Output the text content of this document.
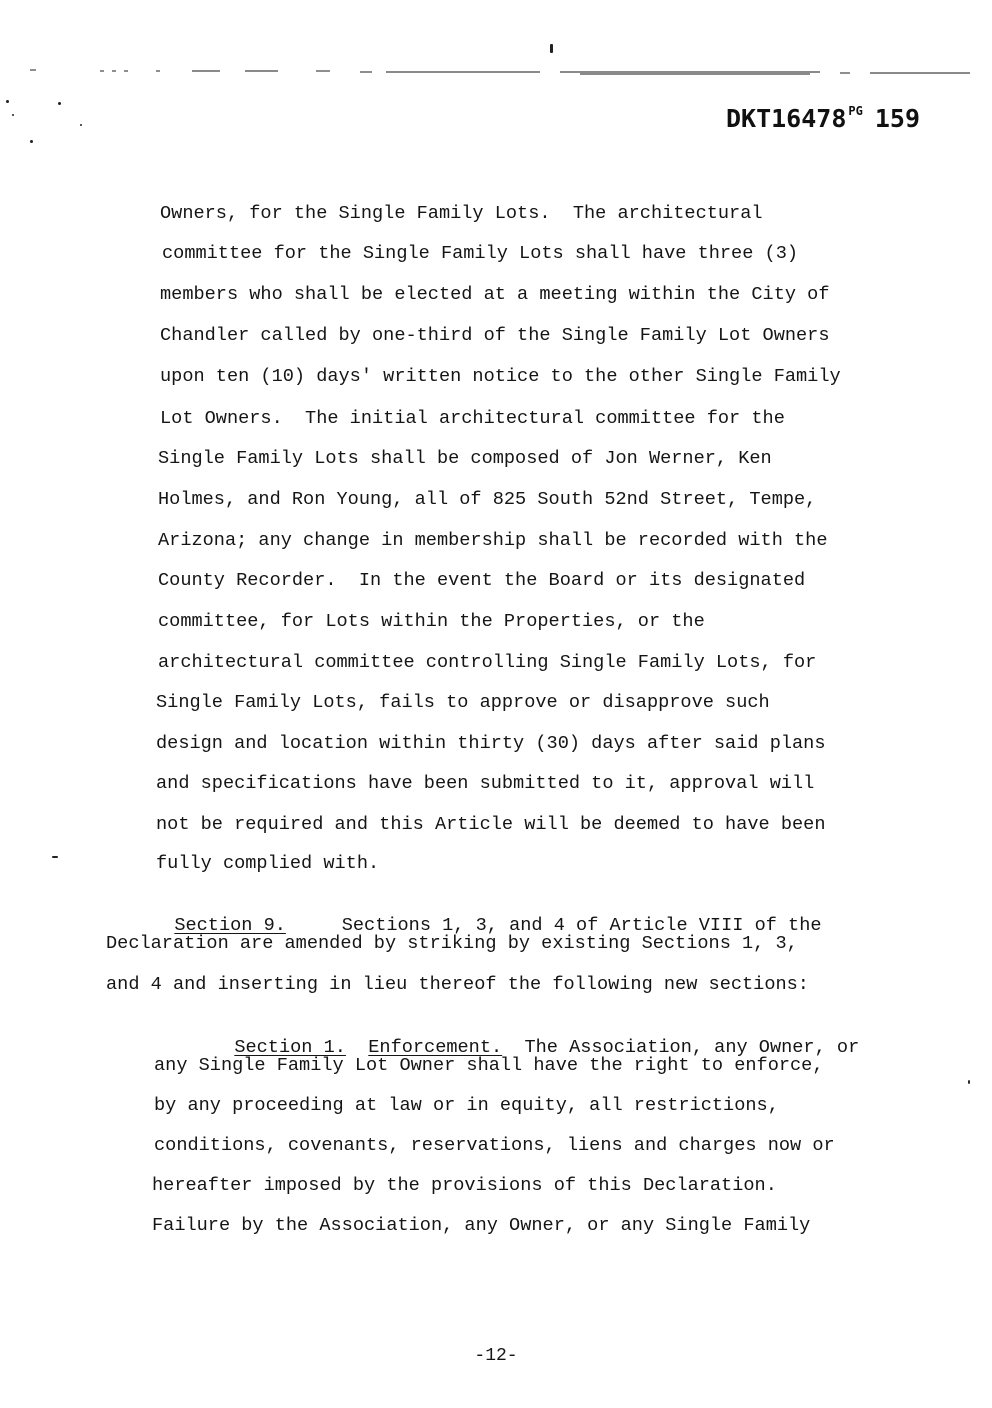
DKT16478 $^{PG}$ 159
Owners, for the Single Family Lots.  The architectural
committee for the Single Family Lots shall have three (3)
members who shall be elected at a meeting within the City of
Chandler called by one-third of the Single Family Lot Owners
upon ten (10) days' written notice to the other Single Family
Lot Owners.  The initial architectural committee for the
Single Family Lots shall be composed of Jon Werner, Ken
Holmes, and Ron Young, all of 825 South 52nd Street, Tempe,
Arizona; any change in membership shall be recorded with the
County Recorder.  In the event the Board or its designated
committee, for Lots within the Properties, or the
architectural committee controlling Single Family Lots, for
Single Family Lots, fails to approve or disapprove such
design and location within thirty (30) days after said plans
and specifications have been submitted to it, approval will
not be required and this Article will be deemed to have been
fully complied with.

Section 9.	Sections 1, 3, and 4 of Article VIII of the

Declaration are amended by striking by existing Sections 1, 3,
and 4 and inserting in lieu thereof the following new sections:

Section 1. Enforcement. The Association, any Owner, or

any Single Family Lot Owner shall have the right to enforce,
by any proceeding at law or in equity, all restrictions,
conditions, covenants, reservations, liens and charges now or
hereafter imposed by the provisions of this Declaration.
Failure by the Association, any Owner, or any Single Family
-12-
